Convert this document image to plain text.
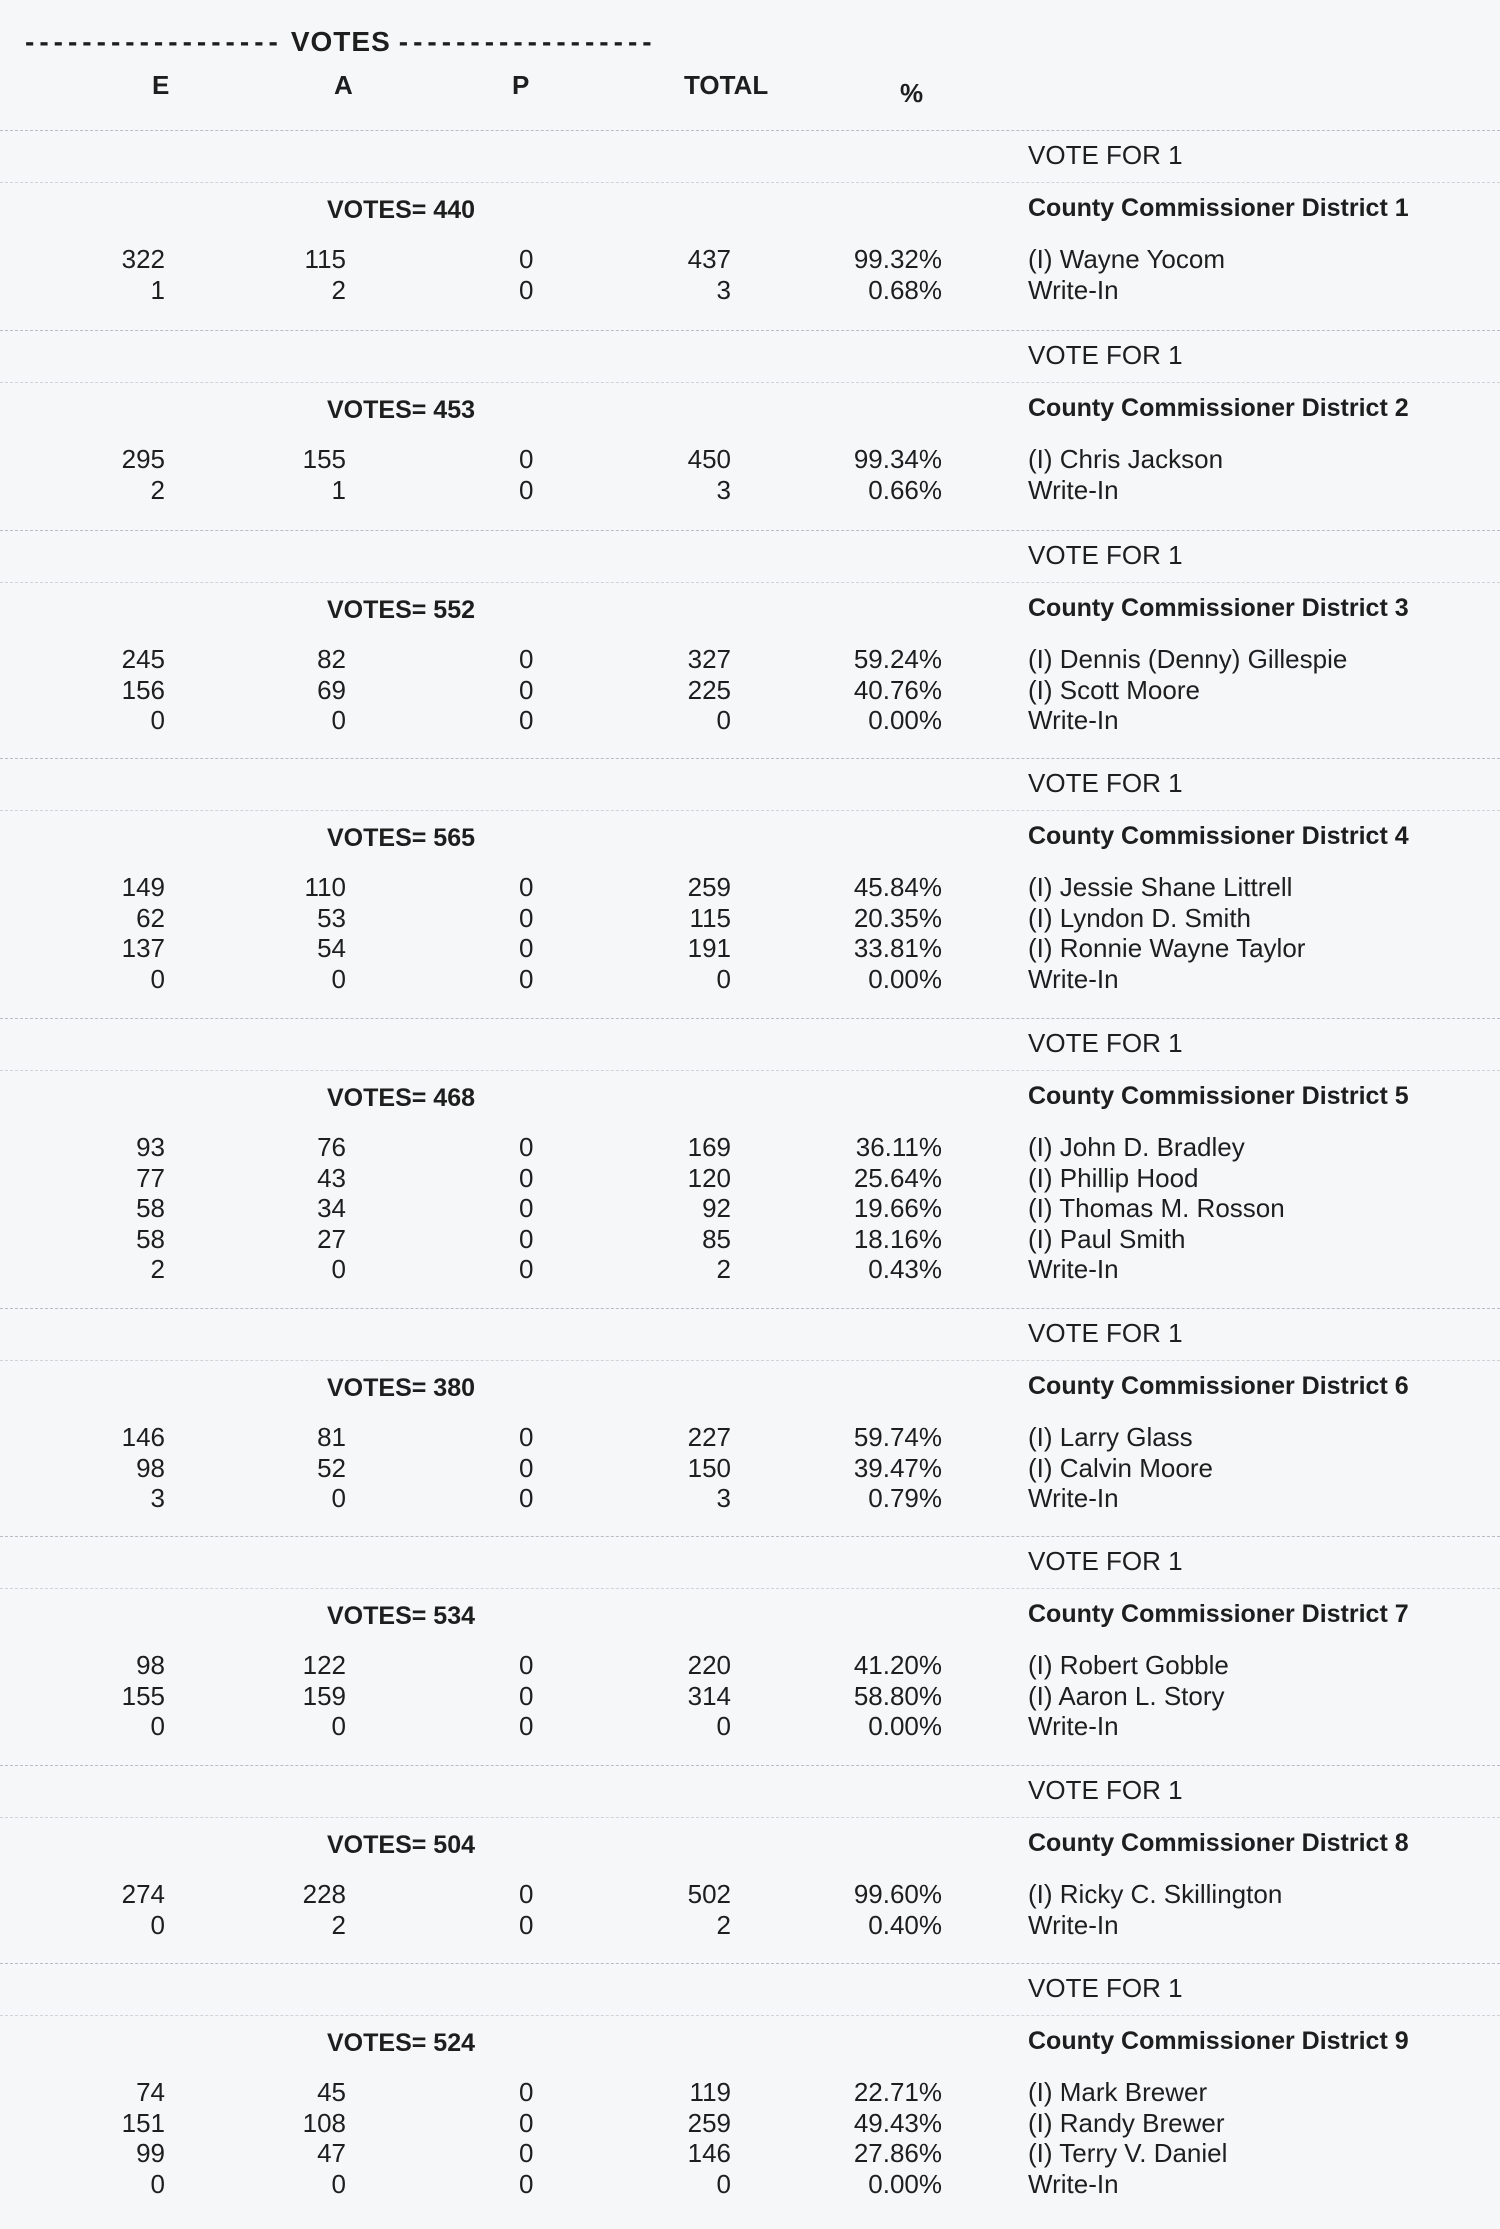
------------------ VOTES ------------------
E	A	P	TOTAL	%
VOTE FOR 1
VOTES= 440	County Commissioner District 1
322	115	0	437	99.32%	(I) Wayne Yocom
1	2	0	3	0.68%	Write-In
VOTE FOR 1
VOTES= 453	County Commissioner District 2
295	155	0	450	99.34%	(I) Chris Jackson
2	1	0	3	0.66%	Write-In
VOTE FOR 1
VOTES= 552	County Commissioner District 3
245	82	0	327	59.24%	(I) Dennis (Denny) Gillespie
156	69	0	225	40.76%	(I) Scott Moore
0	0	0	0	0.00%	Write-In
VOTE FOR 1
VOTES= 565	County Commissioner District 4
149	110	0	259	45.84%	(I) Jessie Shane Littrell
62	53	0	115	20.35%	(I) Lyndon D. Smith
137	54	0	191	33.81%	(I) Ronnie Wayne Taylor
0	0	0	0	0.00%	Write-In
VOTE FOR 1
VOTES= 468	County Commissioner District 5
93	76	0	169	36.11%	(I) John D. Bradley
77	43	0	120	25.64%	(I) Phillip Hood
58	34	0	92	19.66%	(I) Thomas M. Rosson
58	27	0	85	18.16%	(I) Paul Smith
2	0	0	2	0.43%	Write-In
VOTE FOR 1
VOTES= 380	County Commissioner District 6
146	81	0	227	59.74%	(I) Larry Glass
98	52	0	150	39.47%	(I) Calvin Moore
3	0	0	3	0.79%	Write-In
VOTE FOR 1
VOTES= 534	County Commissioner District 7
98	122	0	220	41.20%	(I) Robert Gobble
155	159	0	314	58.80%	(I) Aaron L. Story
0	0	0	0	0.00%	Write-In
VOTE FOR 1
VOTES= 504	County Commissioner District 8
274	228	0	502	99.60%	(I) Ricky C. Skillington
0	2	0	2	0.40%	Write-In
VOTE FOR 1
VOTES= 524	County Commissioner District 9
74	45	0	119	22.71%	(I) Mark Brewer
151	108	0	259	49.43%	(I) Randy Brewer
99	47	0	146	27.86%	(I) Terry V. Daniel
0	0	0	0	0.00%	Write-In
